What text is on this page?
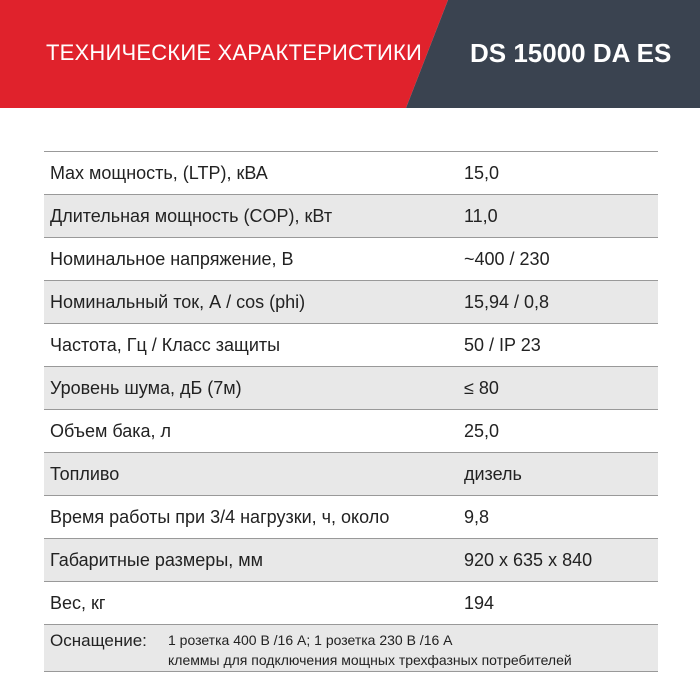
ТЕХНИЧЕСКИЕ ХАРАКТЕРИСТИКИ DS 15000 DA ES
Max мощность, (LTP), кВА	15,0
Длительная мощность (COP), кВт	11,0
Номинальное напряжение, В	~400 / 230
Номинальный ток, А / cos (phi)	15,94 / 0,8
Частота, Гц / Класс защиты	50 / IP 23
Уровень шума, дБ (7м)	≤ 80
Объем бака, л	25,0
Топливо	дизель
Время работы при 3/4 нагрузки, ч, около	9,8
Габаритные размеры, мм	920 x 635 x 840
Вес, кг	194
Оснащение: 1 розетка 400 В /16 А; 1 розетка 230 В /16 А
клеммы для подключения мощных трехфазных потребителей
